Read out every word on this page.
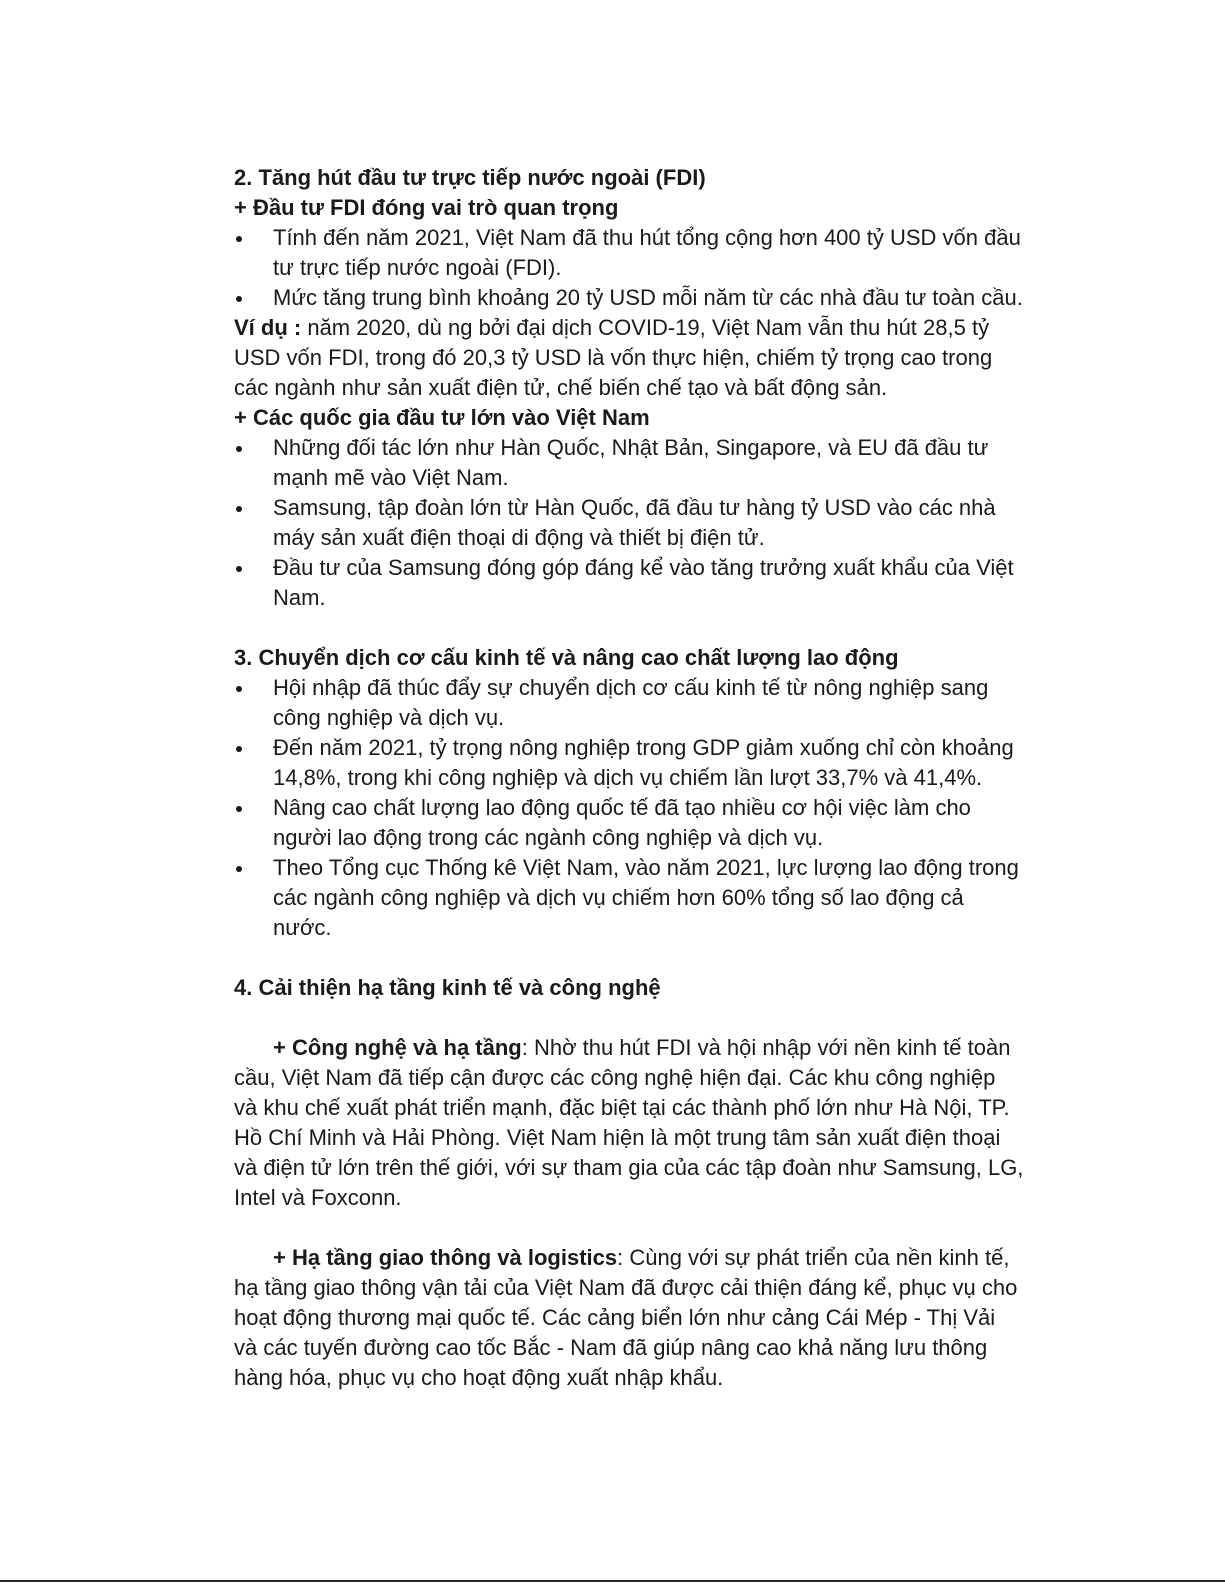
2. Tăng hút đầu tư trực tiếp nước ngoài (FDI)

+ Đầu tư FDI đóng vai trò quan trọng

Tính đến năm 2021, Việt Nam đã thu hút tổng cộng hơn 400 tỷ USD vốn đầu tư trực tiếp nước ngoài (FDI).
Mức tăng trung bình khoảng 20 tỷ USD mỗi năm từ các nhà đầu tư toàn cầu.

Ví dụ : năm 2020, dù ng bởi đại dịch COVID-19, Việt Nam vẫn thu hút 28,5 tỷ USD vốn FDI, trong đó 20,3 tỷ USD là vốn thực hiện, chiếm tỷ trọng cao trong các ngành như sản xuất điện tử, chế biến chế tạo và bất động sản.

+ Các quốc gia đầu tư lớn vào Việt Nam

Những đối tác lớn như Hàn Quốc, Nhật Bản, Singapore, và EU đã đầu tư mạnh mẽ vào Việt Nam.
Samsung, tập đoàn lớn từ Hàn Quốc, đã đầu tư hàng tỷ USD vào các nhà máy sản xuất điện thoại di động và thiết bị điện tử.
Đầu tư của Samsung đóng góp đáng kể vào tăng trưởng xuất khẩu của Việt Nam.

3. Chuyển dịch cơ cấu kinh tế và nâng cao chất lượng lao động

Hội nhập đã thúc đẩy sự chuyển dịch cơ cấu kinh tế từ nông nghiệp sang công nghiệp và dịch vụ.
Đến năm 2021, tỷ trọng nông nghiệp trong GDP giảm xuống chỉ còn khoảng 14,8%, trong khi công nghiệp và dịch vụ chiếm lần lượt 33,7% và 41,4%.
Nâng cao chất lượng lao động quốc tế đã tạo nhiều cơ hội việc làm cho người lao động trong các ngành công nghiệp và dịch vụ.
Theo Tổng cục Thống kê Việt Nam, vào năm 2021, lực lượng lao động trong các ngành công nghiệp và dịch vụ chiếm hơn 60% tổng số lao động cả nước.

4. Cải thiện hạ tầng kinh tế và công nghệ

+ Công nghệ và hạ tầng: Nhờ thu hút FDI và hội nhập với nền kinh tế toàn cầu, Việt Nam đã tiếp cận được các công nghệ hiện đại. Các khu công nghiệp và khu chế xuất phát triển mạnh, đặc biệt tại các thành phố lớn như Hà Nội, TP. Hồ Chí Minh và Hải Phòng. Việt Nam hiện là một trung tâm sản xuất điện thoại và điện tử lớn trên thế giới, với sự tham gia của các tập đoàn như Samsung, LG, Intel và Foxconn.

+ Hạ tầng giao thông và logistics: Cùng với sự phát triển của nền kinh tế, hạ tầng giao thông vận tải của Việt Nam đã được cải thiện đáng kể, phục vụ cho hoạt động thương mại quốc tế. Các cảng biển lớn như cảng Cái Mép - Thị Vải và các tuyến đường cao tốc Bắc - Nam đã giúp nâng cao khả năng lưu thông hàng hóa, phục vụ cho hoạt động xuất nhập khẩu.
